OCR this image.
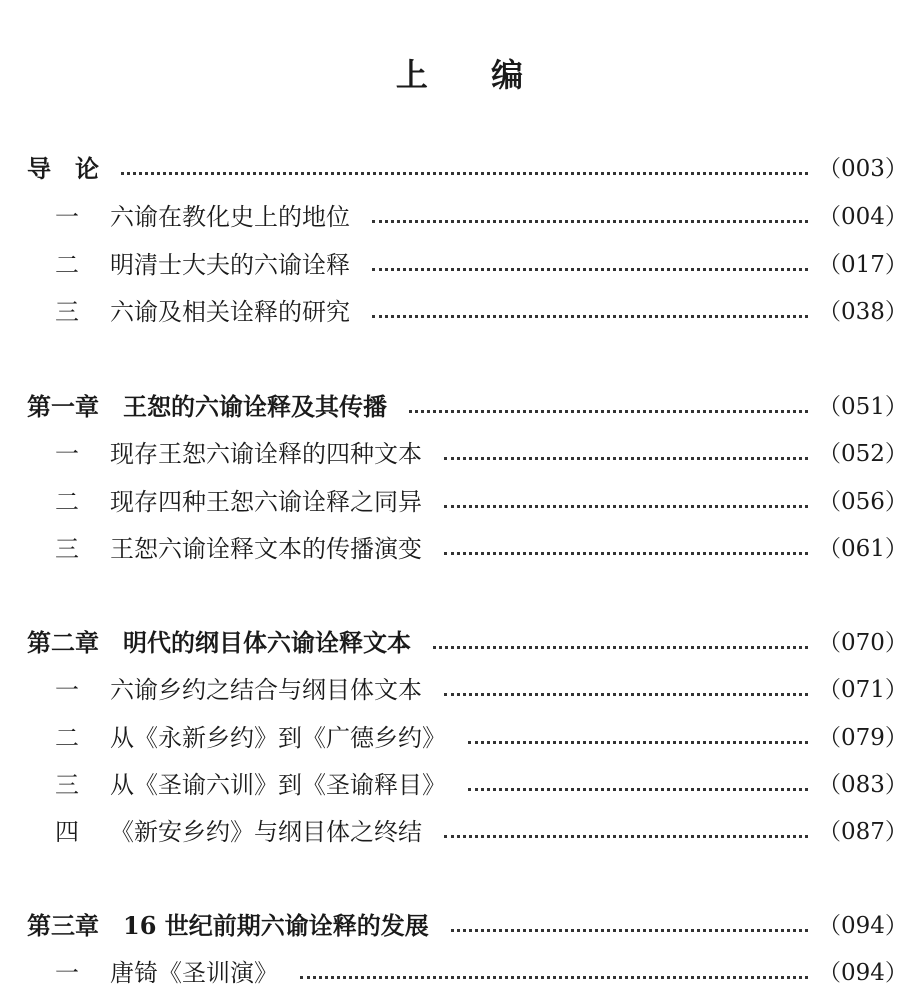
上 编
导　论	（003）
一	六谕在教化史上的地位	（004）
二	明清士大夫的六谕诠释	（017）
三	六谕及相关诠释的研究	（038）
第一章　王恕的六谕诠释及其传播	（051）
一	现存王恕六谕诠释的四种文本	（052）
二	现存四种王恕六谕诠释之同异	（056）
三	王恕六谕诠释文本的传播演变	（061）
第二章　明代的纲目体六谕诠释文本	（070）
一	六谕乡约之结合与纲目体文本	（071）
二	从《永新乡约》到《广德乡约》	（079）
三	从《圣谕六训》到《圣谕释目》	（083）
四	《新安乡约》与纲目体之终结	（087）
第三章　16 世纪前期六谕诠释的发展	（094）
一	唐锜《圣训演》	（094）
